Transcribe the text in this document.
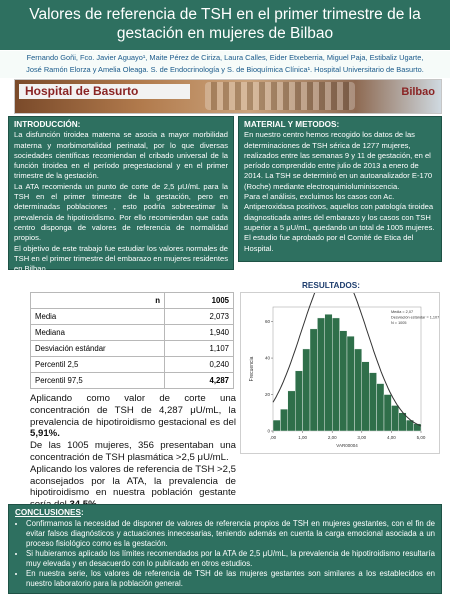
Valores de referencia de TSH en el primer trimestre de la gestación en mujeres de Bilbao
Fernando Goñi, Fco. Javier Aguayo¹, Maite Pérez de Ciriza, Laura Calles, Eider Etxeberria, Miguel Paja, Estibaliz Ugarte,
José Ramón Elorza y Amelia Oleaga. S. de Endocrinología y S. de Bioquímica Clínica¹. Hospital Universitario de Basurto.
Hospital de Basurto	Bilbao
INTRODUCCIÓN:
La disfunción tiroidea materna se asocia a mayor morbilidad materna y morbimortalidad perinatal, por lo que diversas sociedades científicas recomiendan el cribado universal de la función tiroidea en el período pregestacional y en el primer trimestre de la gestación.
La ATA recomienda un punto de corte de 2,5 μU/mL para la TSH en el primer trimestre de la gestación, pero en determinadas poblaciones , esto podría sobreestimar la prevalencia de hipotiroidismo. Por ello recomiendan que cada centro disponga de valores de referencia de normalidad propios.
El objetivo de este trabajo fue estudiar los valores normales de TSH en el primer trimestre del embarazo en mujeres residentes en Bilbao.
MATERIAL Y METODOS:
En nuestro centro hemos recogido los datos de las determinaciones de TSH sérica de 1277 mujeres, realizados entre las semanas 9 y 11 de gestación, en el período comprendido entre julio de 2013 a enero de 2014. La TSH se determinó en un autoanalizador E-170 (Roche) mediante electroquimioluminiscencia.
Para el análisis, excluimos los casos con Ac. Antiperoxidasa positivos, aquellos con patología tiroidea diagnosticada antes del embarazo y los casos con TSH superior a 5 μU/mL, quedando un total de 1005 mujeres.
El estudio fue aprobado por el Comité de Etica del Hospital.
RESULTADOS:
n	1005
Media	2,073
Mediana	1,940
Desviación estándar	1,107
Percentil 2,5	0,240
Percentil 97,5	4,287
,00	1,00	2,00	3,00	4,00	5,00
0
20
40
60
VAR00004
Frecuencia
Media = 2,07
Desviación estándar = 1,107
N = 1005
Aplicando como valor de corte una concentración de TSH de 4,287 μU/mL, la prevalencia de hipotiroidismo gestacional es del 5,91%.
De las 1005 mujeres, 356 presentaban una concentración de TSH plasmática >2,5 μU/mL.
Aplicando los valores de referencia de TSH >2,5 aconsejados por la ATA, la prevalencia de hipotiroidismo en nuestra población gestante
CONCLUSIONES:
• Confirmamos la necesidad de disponer de valores de referencia propios de TSH en mujeres gestantes, con el fin de evitar falsos diagnósticos y actuaciones innecesarias, teniendo además en cuenta la carga emocional asociada a un proceso fisiológico como es la gestación.
• Si hubieramos aplicado los límites recomendados por la ATA de 2,5 μU/mL, la prevalencia de hipotiroidismo resultaría muy elevada y en desacuerdo con lo publicado en otros estudios.
• En nuestra serie, los valores de referencia de TSH de las mujeres gestantes son similares a los establecidos en nuestro laboratorio para la población general.
